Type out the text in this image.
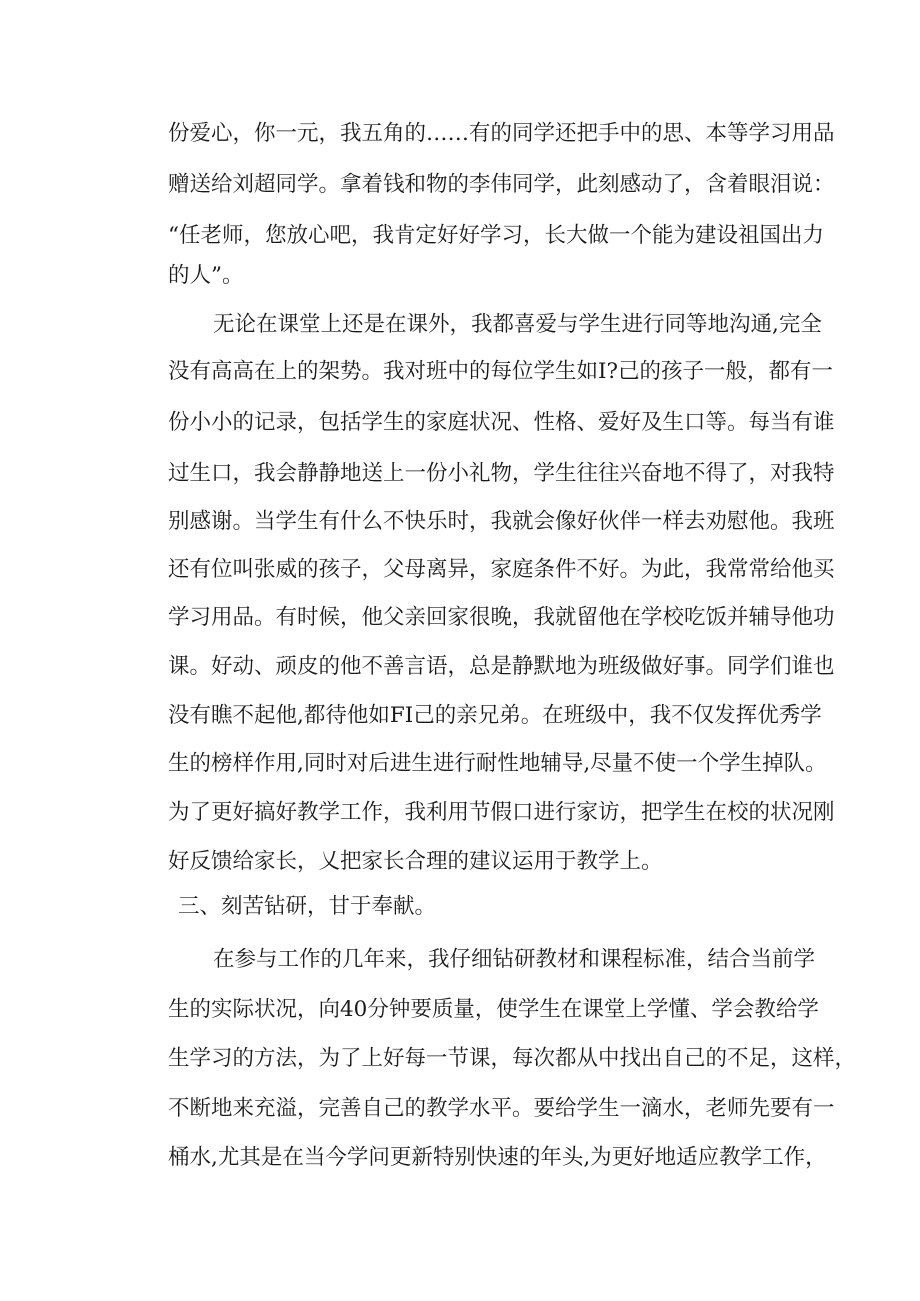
份爱心，你一元，我五角的……有的同学还把手中的思、本等学习用品
赠送给刘超同学。拿着钱和物的李伟同学，此刻感动了，含着眼泪说：
“任老师，您放心吧，我肯定好好学习，长大做一个能为建设祖国出力
的人”。
无论在课堂上还是在课外，我都喜爱与学生进行同等地沟通,完全
没有高高在上的架势。我对班中的每位学生如I?己的孩子一般，都有一
份小小的记录，包括学生的家庭状况、性格、爱好及生口等。每当有谁
过生口，我会静静地送上一份小礼物，学生往往兴奋地不得了，对我特
别感谢。当学生有什么不快乐时，我就会像好伙伴一样去劝慰他。我班
还有位叫张威的孩子，父母离异，家庭条件不好。为此，我常常给他买
学习用品。有时候，他父亲回家很晚，我就留他在学校吃饭并辅导他功
课。好动、顽皮的他不善言语，总是静默地为班级做好事。同学们谁也
没有瞧不起他,都待他如FI己的亲兄弟。在班级中，我不仅发挥优秀学
生的榜样作用,同时对后进生进行耐性地辅导,尽量不使一个学生掉队。
为了更好搞好教学工作，我利用节假口进行家访，把学生在校的状况刚
好反馈给家长，乂把家长合理的建议运用于教学上。
三、刻苦钻研，甘于奉献。
在参与工作的几年来，我仔细钻研教材和课程标准，结合当前学
生的实际状况，向40分钟要质量，使学生在课堂上学懂、学会教给学
生学习的方法，为了上好每一节课，每次都从中找出自己的不足，这样，
不断地来充溢，完善自己的教学水平。要给学生一滴水，老师先要有一
桶水,尤其是在当今学问更新特别快速的年头,为更好地适应教学工作，
